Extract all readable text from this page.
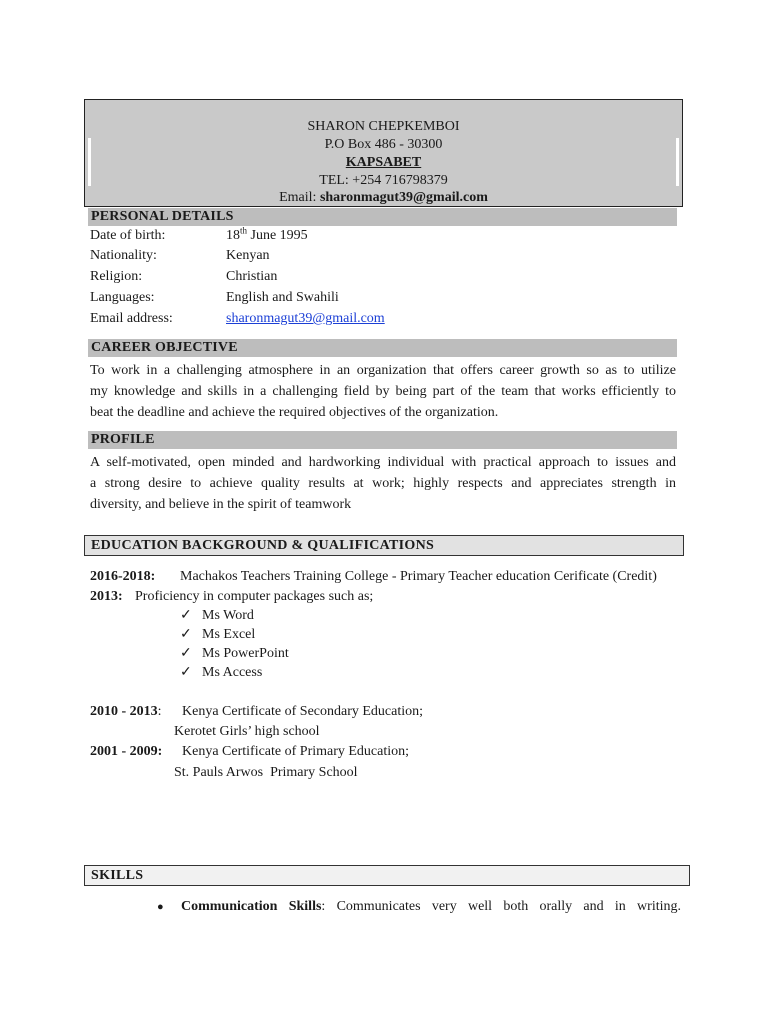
SHARON CHEPKEMBOI
P.O Box 486 - 30300
KAPSABET
TEL: +254 716798379
Email: sharonmagut39@gmail.com
PERSONAL DETAILS
Date of birth:	18th June 1995
Nationality:	Kenyan
Religion:	Christian
Languages:	English and Swahili
Email address:	sharonmagut39@gmail.com
CAREER OBJECTIVE
To work in a challenging atmosphere in an organization that offers career growth so as to utilize
my knowledge and skills in a challenging field by being part of the team that works efficiently to
beat the deadline and achieve the required objectives of the organization.
PROFILE
A self-motivated, open minded and hardworking individual with practical approach to issues and
a strong desire to achieve quality results at work; highly respects and appreciates strength in
diversity, and believe in the spirit of teamwork
EDUCATION BACKGROUND & QUALIFICATIONS
2016-2018: Machakos Teachers Training College - Primary Teacher education Cerificate (Credit)
2013: Proficiency in computer packages such as;
✓ Ms Word
✓ Ms Excel
✓ Ms PowerPoint
✓ Ms Access
2010 - 2013: Kenya Certificate of Secondary Education;
Kerotet Girls’ high school
2001 - 2009: Kenya Certificate of Primary Education;
St. Pauls Arwos  Primary School
SKILLS
● Communication Skills: Communicates very well both orally and in writing.
